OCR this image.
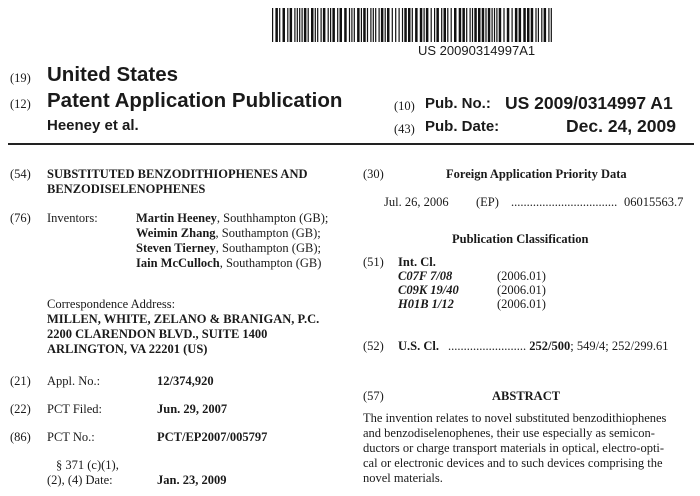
US 20090314997A1
(19) United States
(12) Patent Application Publication
Heeney et al.
(10) Pub. No.: US 2009/0314997 A1
(43) Pub. Date:	Dec. 24, 2009
(54) SUBSTITUTED BENZODITHIOPHENES AND
BENZODISELENOPHENES
(76) Inventors:	Martin Heeney, Southhampton (GB); Weimin Zhang, Southampton (GB); Steven Tierney, Southampton (GB); Iain McCulloch, Southampton (GB)
Correspondence Address:
MILLEN, WHITE, ZELANO & BRANIGAN, P.C.
2200 CLARENDON BLVD., SUITE 1400
ARLINGTON, VA 22201 (US)
(21) Appl. No.:	12/374,920
(22) PCT Filed:	Jun. 29, 2007
(86) PCT No.:	PCT/EP2007/005797
§ 371 (c)(1),
(2), (4) Date:	Jan. 23, 2009
(30)	Foreign Application Priority Data
Jul. 26, 2006 (EP) .................................. 06015563.7
Publication Classification
(51) Int. Cl.
C07F 7/08	(2006.01)
C09K 19/40	(2006.01)
H01B 1/12	(2006.01)
(52) U.S. Cl. ......................... 252/500; 549/4; 252/299.61
(57)	ABSTRACT
The invention relates to novel substituted benzodithiophenes
and benzodiselenophenes, their use especially as semicon-
ductors or charge transport materials in optical, electro-opti-
cal or electronic devices and to such devices comprising the
novel materials.
